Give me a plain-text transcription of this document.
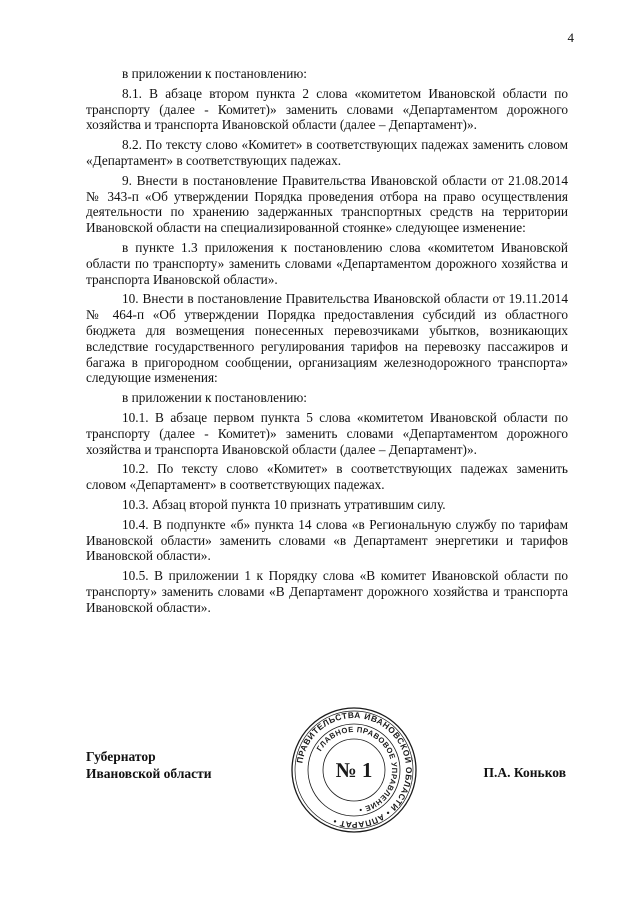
4

в приложении к постановлению:

8.1. В абзаце втором пункта 2 слова «комитетом Ивановской области по транспорту (далее - Комитет)» заменить словами «Департаментом дорожного хозяйства и транспорта Ивановской области (далее – Департамент)».

8.2. По тексту слово «Комитет» в соответствующих падежах заменить словом «Департамент» в соответствующих падежах.

9. Внести в постановление Правительства Ивановской области от 21.08.2014 № 343-п «Об утверждении Порядка проведения отбора на право осуществления деятельности по хранению задержанных транспортных средств на территории Ивановской области на специализированной стоянке» следующее изменение:

в пункте 1.3 приложения к постановлению слова «комитетом Ивановской области по транспорту» заменить словами «Департаментом дорожного хозяйства и транспорта Ивановской области».

10. Внести в постановление Правительства Ивановской области от 19.11.2014 № 464-п «Об утверждении Порядка предоставления субсидий из областного бюджета для возмещения понесенных перевозчиками убытков, возникающих вследствие государственного регулирования тарифов на перевозку пассажиров и багажа в пригородном сообщении, организациям железнодорожного транспорта» следующие изменения:

в приложении к постановлению:

10.1. В абзаце первом пункта 5 слова «комитетом Ивановской области по транспорту (далее - Комитет)» заменить словами «Департаментом дорожного хозяйства и транспорта Ивановской области (далее – Департамент)».

10.2. По тексту слово «Комитет» в соответствующих падежах заменить словом «Департамент» в соответствующих падежах.

10.3. Абзац второй пункта 10 признать утратившим силу.

10.4. В подпункте «б» пункта 14 слова «в Региональную службу по тарифам Ивановской области» заменить словами «в Департамент энергетики и тарифов Ивановской области».

10.5. В приложении 1 к Порядку слова «В комитет Ивановской области по транспорту» заменить словами «В Департамент дорожного хозяйства и транспорта Ивановской области».

Губернатор
Ивановской области
ПРАВИТЕЛЬСТВА ИВАНОВСКОЙ ОБЛАСТИ • АППАРАТ •
ГЛАВНОЕ ПРАВОВОЕ УПРАВЛЕНИЕ •
№ 1	П.А. Коньков
